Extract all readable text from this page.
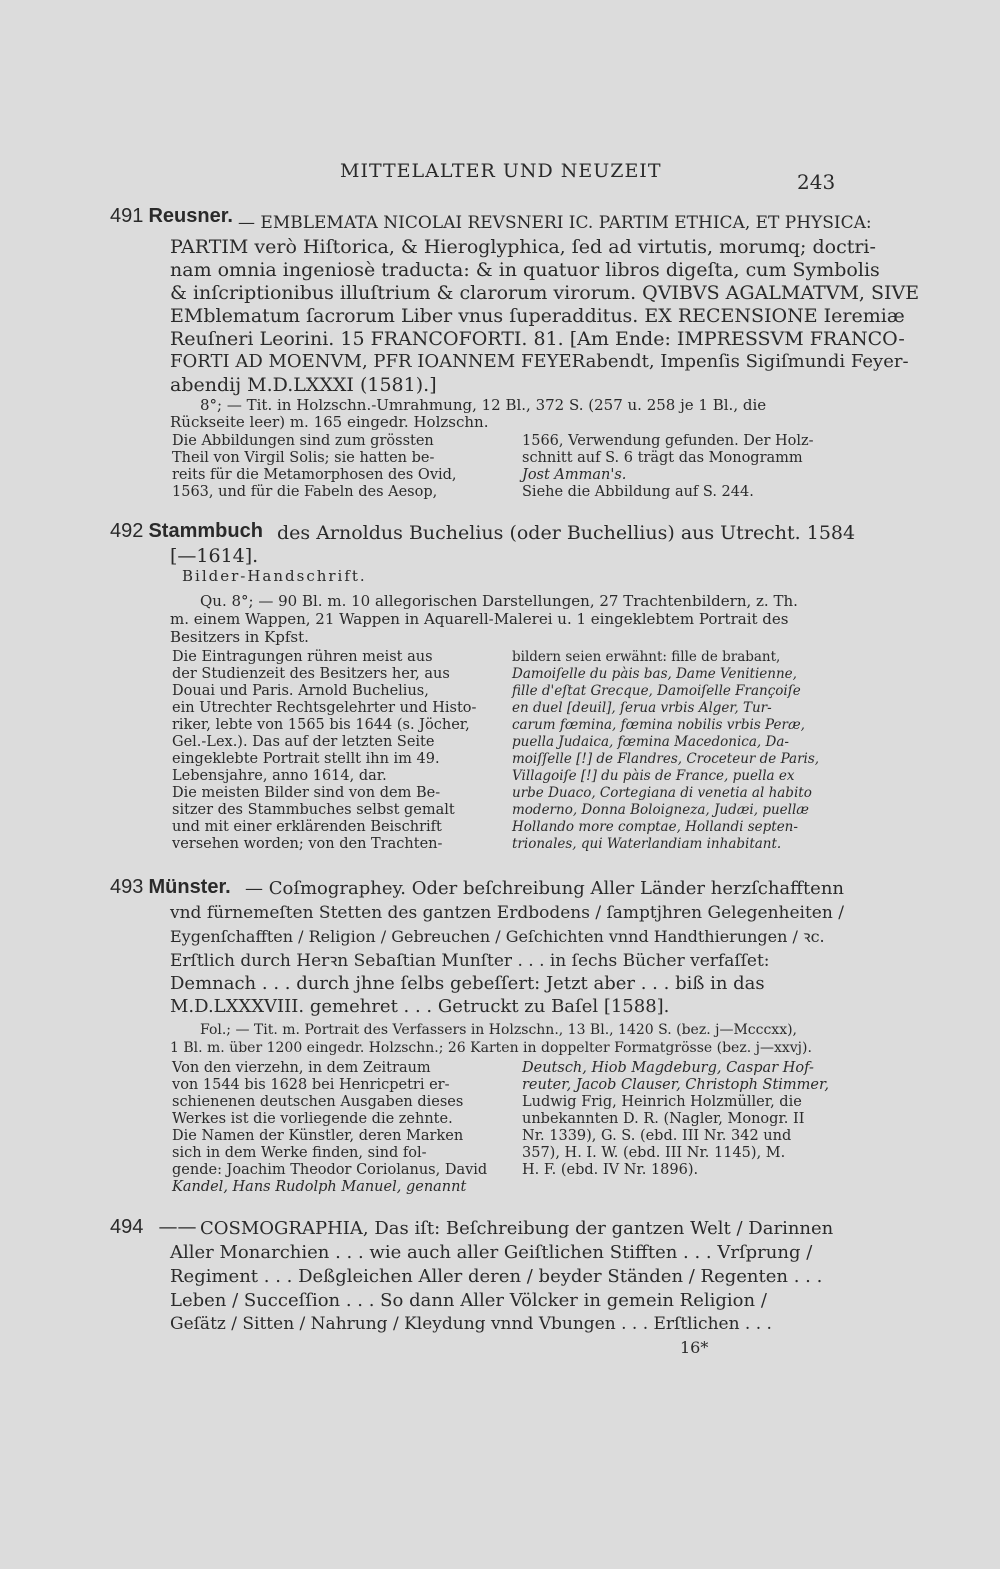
MITTELALTER UND NEUZEIT	243
491 Reusner. — EMBLEMATA NICOLAI REVSNERI IC. PARTIM ETHICA, ET PHYSICA:
PARTIM verò Hiſtorica, & Hieroglyphica, ſed ad virtutis, morumq; doctri-
nam omnia ingeniosè traducta: & in quatuor libros digeſta, cum Symbolis
& inſcriptionibus illuſtrium & clarorum virorum. QVIBVS AGALMATVM, SIVE
EMblematum ſacrorum Liber vnus ſuperadditus. EX RECENSIONE Ieremiæ
Reuſneri Leorini. 15 FRANCOFORTI. 81. [Am Ende: IMPRESSVM FRANCO-
FORTI AD MOENVM, PFR IOANNEM FEYERabendt, Impenſis Sigiſmundi Feyer-
abendij M.D.LXXXI (1581).]
8°; — Tit. in Holzschn.-Umrahmung, 12 Bl., 372 S. (257 u. 258 je 1 Bl., die
Rückseite leer) m. 165 eingedr. Holzschn.

Die Abbildungen sind zum grössten

Theil von Virgil Solis; sie hatten be-

reits für die Metamorphosen des Ovid,

1563, und für die Fabeln des Aesop,

1566, Verwendung gefunden. Der Holz-

schnitt auf S. 6 trägt das Monogramm

Jost Amman's.

Siehe die Abbildung auf S. 244.

492 Stammbuch des Arnoldus Buchelius (oder Buchellius) aus Utrecht. 1584
[—1614].
Bilder-Handschrift.
Qu. 8°; — 90 Bl. m. 10 allegorischen Darstellungen, 27 Trachtenbildern, z. Th.
m. einem Wappen, 21 Wappen in Aquarell-Malerei u. 1 eingeklebtem Portrait des
Besitzers in Kpfst.

Die Eintragungen rühren meist aus

der Studienzeit des Besitzers her, aus

Douai und Paris. Arnold Buchelius,

ein Utrechter Rechtsgelehrter und Histo-

riker, lebte von 1565 bis 1644 (s. Jöcher,

Gel.-Lex.). Das auf der letzten Seite

eingeklebte Portrait stellt ihn im 49.

Lebensjahre, anno 1614, dar.

Die meisten Bilder sind von dem Be-

sitzer des Stammbuches selbst gemalt

und mit einer erklärenden Beischrift

versehen worden; von den Trachten-

bildern seien erwähnt: fille de brabant,

Damoiſelle du pàis bas, Dame Venitienne,

fille d'eſtat Grecque, Damoiſelle Françoiſe

en duel [deuil], ſerua vrbis Alger, Tur-

carum fœmina, fœmina nobilis vrbis Peræ,

puella Judaica, fœmina Macedonica, Da-

moiſſelle [!] de Flandres, Croceteur de Paris,

Villagoiſe [!] du pàis de France, puella ex

urbe Duaco, Cortegiana di venetia al habito

moderno, Donna Boloigneza, Judæi, puellæ

Hollando more comptae, Hollandi septen-

trionales, qui Waterlandiam inhabitant.

493 Münster. — Coſmographey. Oder beſchreibung Aller Länder herzſchafftenn
vnd fürnemeſten Stetten des gantzen Erdbodens / ſamptjhren Gelegenheiten /
Eygenſchafften / Religion / Gebreuchen / Geſchichten vnnd Handthierungen / ꝛc.
Erſtlich durch Herꝛn Sebaſtian Munſter . . . in ſechs Bücher verfaſſet:
Demnach . . . durch jhne ſelbs gebeſſert: Jetzt aber . . . biß in das
M.D.LXXXVIII. gemehret . . . Getruckt zu Baſel [1588].
Fol.; — Tit. m. Portrait des Verfassers in Holzschn., 13 Bl., 1420 S. (bez. j—Mcccxx),
1 Bl. m. über 1200 eingedr. Holzschn.; 26 Karten in doppelter Formatgrösse (bez. j—xxvj).

Von den vierzehn, in dem Zeitraum

von 1544 bis 1628 bei Henricpetri er-

schienenen deutschen Ausgaben dieses

Werkes ist die vorliegende die zehnte.

Die Namen der Künstler, deren Marken

sich in dem Werke finden, sind fol-

gende: Joachim Theodor Coriolanus, David

Kandel, Hans Rudolph Manuel, genannt

Deutsch, Hiob Magdeburg, Caspar Hof-

reuter, Jacob Clauser, Christoph Stimmer,

Ludwig Frig, Heinrich Holzmüller, die

unbekannten D. R. (Nagler, Monogr. II

Nr. 1339), G. S. (ebd. III Nr. 342 und

357), H. I. W. (ebd. III Nr. 1145), M.

H. F. (ebd. IV Nr. 1896).

494 —— COSMOGRAPHIA, Das iſt: Beſchreibung der gantzen Welt / Darinnen
Aller Monarchien . . . wie auch aller Geiſtlichen Stifften . . . Vrſprung /
Regiment . . . Deßgleichen Aller deren / beyder Ständen / Regenten . . .
Leben / Succeſſion . . . So dann Aller Völcker in gemein Religion /
Geſätz / Sitten / Nahrung / Kleydung vnnd Vbungen . . . Erſtlichen . . .
16*
